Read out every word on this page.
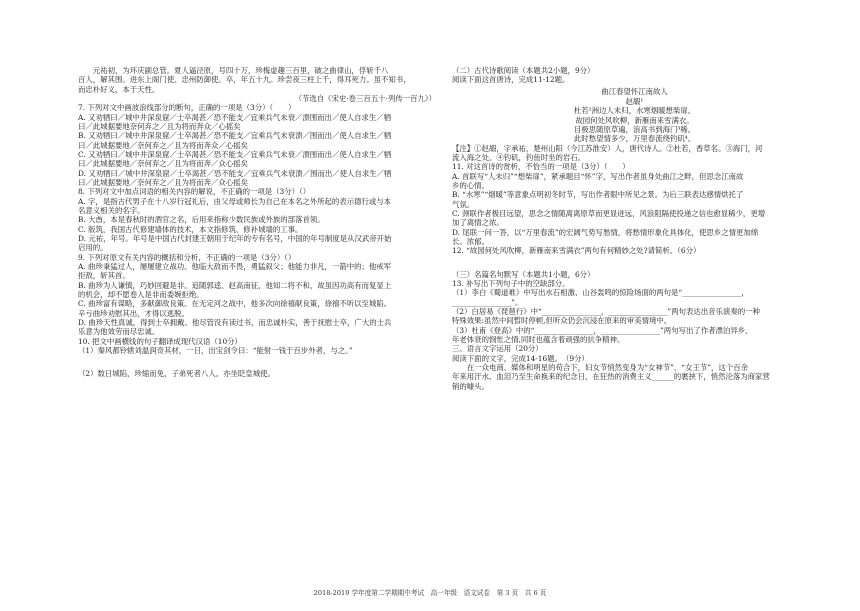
元祐初，为环庆副总管。夏人逼泾原，号四十万，珍梅虚趣三百里，破之曲律山，俘斩千八

百人，解其围。进东上阁门使、忠州防御使。卒，年五十九。珍尝夜三柱上千，得耳死力。虽不知书，

而忠朴好义，本于天性。

（节选自《宋史·卷三百五十·列传一百九》）

7. 下列对文中画波浪线部分的断句，正确的一项是（3分）（　　）

A. 又劝牺曰／城中井深泉窟／士卒渴甚／恐不能支／宜乘兵气未衰／溃围而出／使人自求生／牺

曰／此城据要地奈何弃之／且为将而奔众／心摇矣

B. 又劝牺曰／城中井深泉窟／士卒渴甚／恐不能支／宜乘兵气未衰溃／围而出／使人自求生／牺

曰／此城据要地／奈何弃之／且为将而奔众／心摇矣

C. 又劝牺曰／城中井深泉窟／士卒渴甚／恐不能支／宜乘兵气未衰／溃围而出／使人自求生／牺

曰／此城据要地／奈何弃之／且为将而奔／众心摇矣

D. 又劝牺曰／城中井深泉窟／士卒渴甚／恐不能支／宜乘兵气未衰溃／围而出／使人自求生／牺

曰／此城据要地／奈何弃之／且为将而奔／众心摇矣

8. 下列对文中加点词语的相关内容的解说，不正确的一项是（3分）（）

A. 字，是指古代男子在十八岁行冠礼后，由父母或师长为自己在本名之外所起的表示德行或与本

名意义相关的名字。

B. 大酋，本是春秋时的酒官之名，后用来指称少数民族或外族的部落首领。

C. 版筑，我国古代修建墙体的技术，本文指修筑、修补城墙的工事。

D. 元祐，年号。年号是中国古代封建王朝用于纪年的专有名号，中国的年号制度是从汉武帝开始

启用的。

9. 下列对原文有关内容的概括和分析，不正确的一项是（3分）（）

A. 曲珍秉猛过人，屡屡建立战功。他临大敌而不畏，勇猛叙父；他能力非凡，一箭中的；他戒军

拒敌，斩其首。

B. 曲珍为人谦慎，巧妙回避是非。追随郭逵、赵高南征，他知二将不和，故虽因功高有而复显上

的机会，却不愿卷入是非而委婉拒绝。

C. 曲珍富有谋略，多献御敌良策。在无定河之战中，他多次向徐禧献良策，徐禧不听以至城陷。

辛亏曲珍劝慰其出，才得以逃脱。

D. 曲珍天性真诚，得到士卒拥戴。他尽管没有读过书，而忠诚朴实，善于抚慰士卒，广大的士兵

乐意为他效劳而尽忠诚。

10. 把文中画横线的句子翻译成现代汉语（10分）

（1）秦风都铃辖刘温润奇其材，一日，出宝剑令曰：“能射一钱于百步外者，与之。”

（2）数日城陷，珍缩而免，子弟死者八人。亦坐眨皇城使。

（二）古代诗歌阅读（本题共2小题，9分）

阅读下面这首唐诗，完成11-12题。

曲江春望怀江南故人

赵嘏¹

杜若²洲边人未归，水寒烟暖想柴扉。

故园何处风吹柳，新雁南来雪满衣。

目极思随原草遍，浪高书到海门³稀。

此时愁望情多少，万里春流绕钓矶⁴。

【注】①赵嘏，字承祐，楚州山阳（今江苏淮安）人，唐代诗人。②杜若，香草名。③海门，河

流入海之处。④钓矶，钓鱼时坐的岩石。

11. 对这首诗的赏析，不恰当的一项是（3分）（　　）

A. 首联写“人未归”“想柴扉”，紧承题目“怀”字，写出作者虽身处曲江之畔，但思念江南故

乡的心情。

B. “水寒”“烟暖”等意象点明初冬时节，写出作者眼中所见之景。为后三联表达感情烘托了

气氛。

C. 颈联作者极目远望，思念之情随离离原草而更显迸远，风浪阻隔使投递之信也愈显稀少，更增

加了离情之浓。

D. 尾联一问一答，以“万里春流”的宏阔气势写愁情，将愁情形象化具体化，使思乡之情更加绵

长、浓郁。

12. “故园何处风吹柳，新雁南来雪满衣”两句有何精妙之处?请简析。（6分）

（三）名篇名句默写（本题共1小题，6分）

13. 补写出下列句子中的空缺部分。

（1）李白《蜀道难》中写出水石相激、山谷轰鸣的惊险场面的两句是“________________，

________________”。

（2）白居易《琵琶行》中“________________，________________”两句表达出音乐演奏的一种

特殊效果:虽然中间暂时停顿,但听众仍会沉浸在原来的审美情境中。

（3）杜甫《登高》中的“________________，________________”两句写出了作者漂泊异乡、

年老体衰的悯怅之情,同时也蕴含着顽强的抗争精神。

三、语言文字运用（20分）

阅读下面的文字，完成14-16题。　（9分）

在一众电商、媒体和明星的苟合下，妇女节悄然变身为“女神节”、“女王节”，这个百余

年来用汗水、血泪乃至生命换来的纪念日，在狂热的消费主义______的裹挟下，悄然沦落为商家营

销的噱头。

2018-2019 学年度第二学期期中考试　高一年级　语文试卷　第 3 页　共 6 页
